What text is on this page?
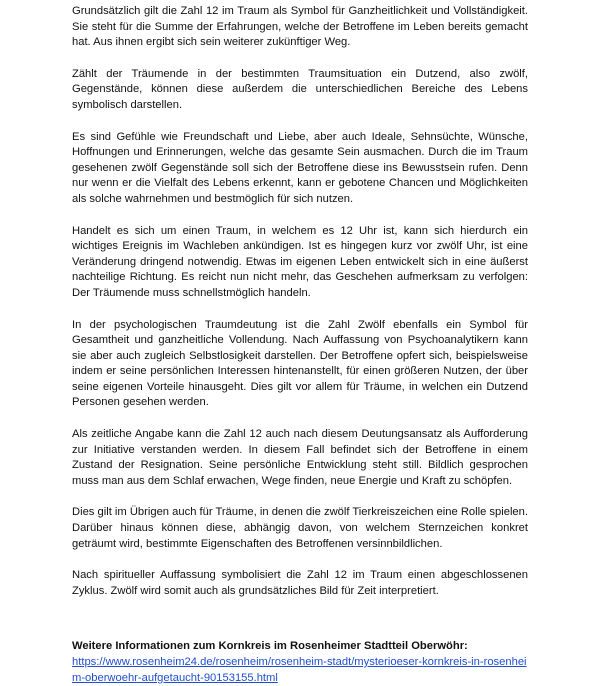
Grundsätzlich gilt die Zahl 12 im Traum als Symbol für Ganzheitlichkeit und Vollständigkeit. Sie steht für die Summe der Erfahrungen, welche der Betroffene im Leben bereits gemacht hat. Aus ihnen ergibt sich sein weiterer zukünftiger Weg.

Zählt der Träumende in der bestimmten Traumsituation ein Dutzend, also zwölf, Gegenstände, können diese außerdem die unterschiedlichen Bereiche des Lebens symbolisch darstellen.

Es sind Gefühle wie Freundschaft und Liebe, aber auch Ideale, Sehnsüchte, Wünsche, Hoffnungen und Erinnerungen, welche das gesamte Sein ausmachen. Durch die im Traum gesehenen zwölf Gegenstände soll sich der Betroffene diese ins Bewusstsein rufen. Denn nur wenn er die Vielfalt des Lebens erkennt, kann er gebotene Chancen und Möglichkeiten als solche wahrnehmen und bestmöglich für sich nutzen.

Handelt es sich um einen Traum, in welchem es 12 Uhr ist, kann sich hierdurch ein wichtiges Ereignis im Wachleben ankündigen. Ist es hingegen kurz vor zwölf Uhr, ist eine Veränderung dringend notwendig. Etwas im eigenen Leben entwickelt sich in eine äußerst nachteilige Richtung. Es reicht nun nicht mehr, das Geschehen aufmerksam zu verfolgen: Der Träumende muss schnellstmöglich handeln.

In der psychologischen Traumdeutung ist die Zahl Zwölf ebenfalls ein Symbol für Gesamtheit und ganzheitliche Vollendung. Nach Auffassung von Psychoanalytikern kann sie aber auch zugleich Selbstlosigkeit darstellen. Der Betroffene opfert sich, beispielsweise indem er seine persönlichen Interessen hintenanstellt, für einen größeren Nutzen, der über seine eigenen Vorteile hinausgeht. Dies gilt vor allem für Träume, in welchen ein Dutzend Personen gesehen werden.

Als zeitliche Angabe kann die Zahl 12 auch nach diesem Deutungsansatz als Aufforderung zur Initiative verstanden werden. In diesem Fall befindet sich der Betroffene in einem Zustand der Resignation. Seine persönliche Entwicklung steht still. Bildlich gesprochen muss man aus dem Schlaf erwachen, Wege finden, neue Energie und Kraft zu schöpfen.

Dies gilt im Übrigen auch für Träume, in denen die zwölf Tierkreiszeichen eine Rolle spielen. Darüber hinaus können diese, abhängig davon, von welchem Sternzeichen konkret geträumt wird, bestimmte Eigenschaften des Betroffenen versinnbildlichen.

Nach spiritueller Auffassung symbolisiert die Zahl 12 im Traum einen abgeschlossenen Zyklus. Zwölf wird somit auch als grundsätzliches Bild für Zeit interpretiert.

Weitere Informationen zum Kornkreis im Rosenheimer Stadtteil Oberwöhr:

https://www.rosenheim24.de/rosenheim/rosenheim-stadt/mysterioeser-kornkreis-in-rosenheim-oberwoehr-aufgetaucht-90153155.html
